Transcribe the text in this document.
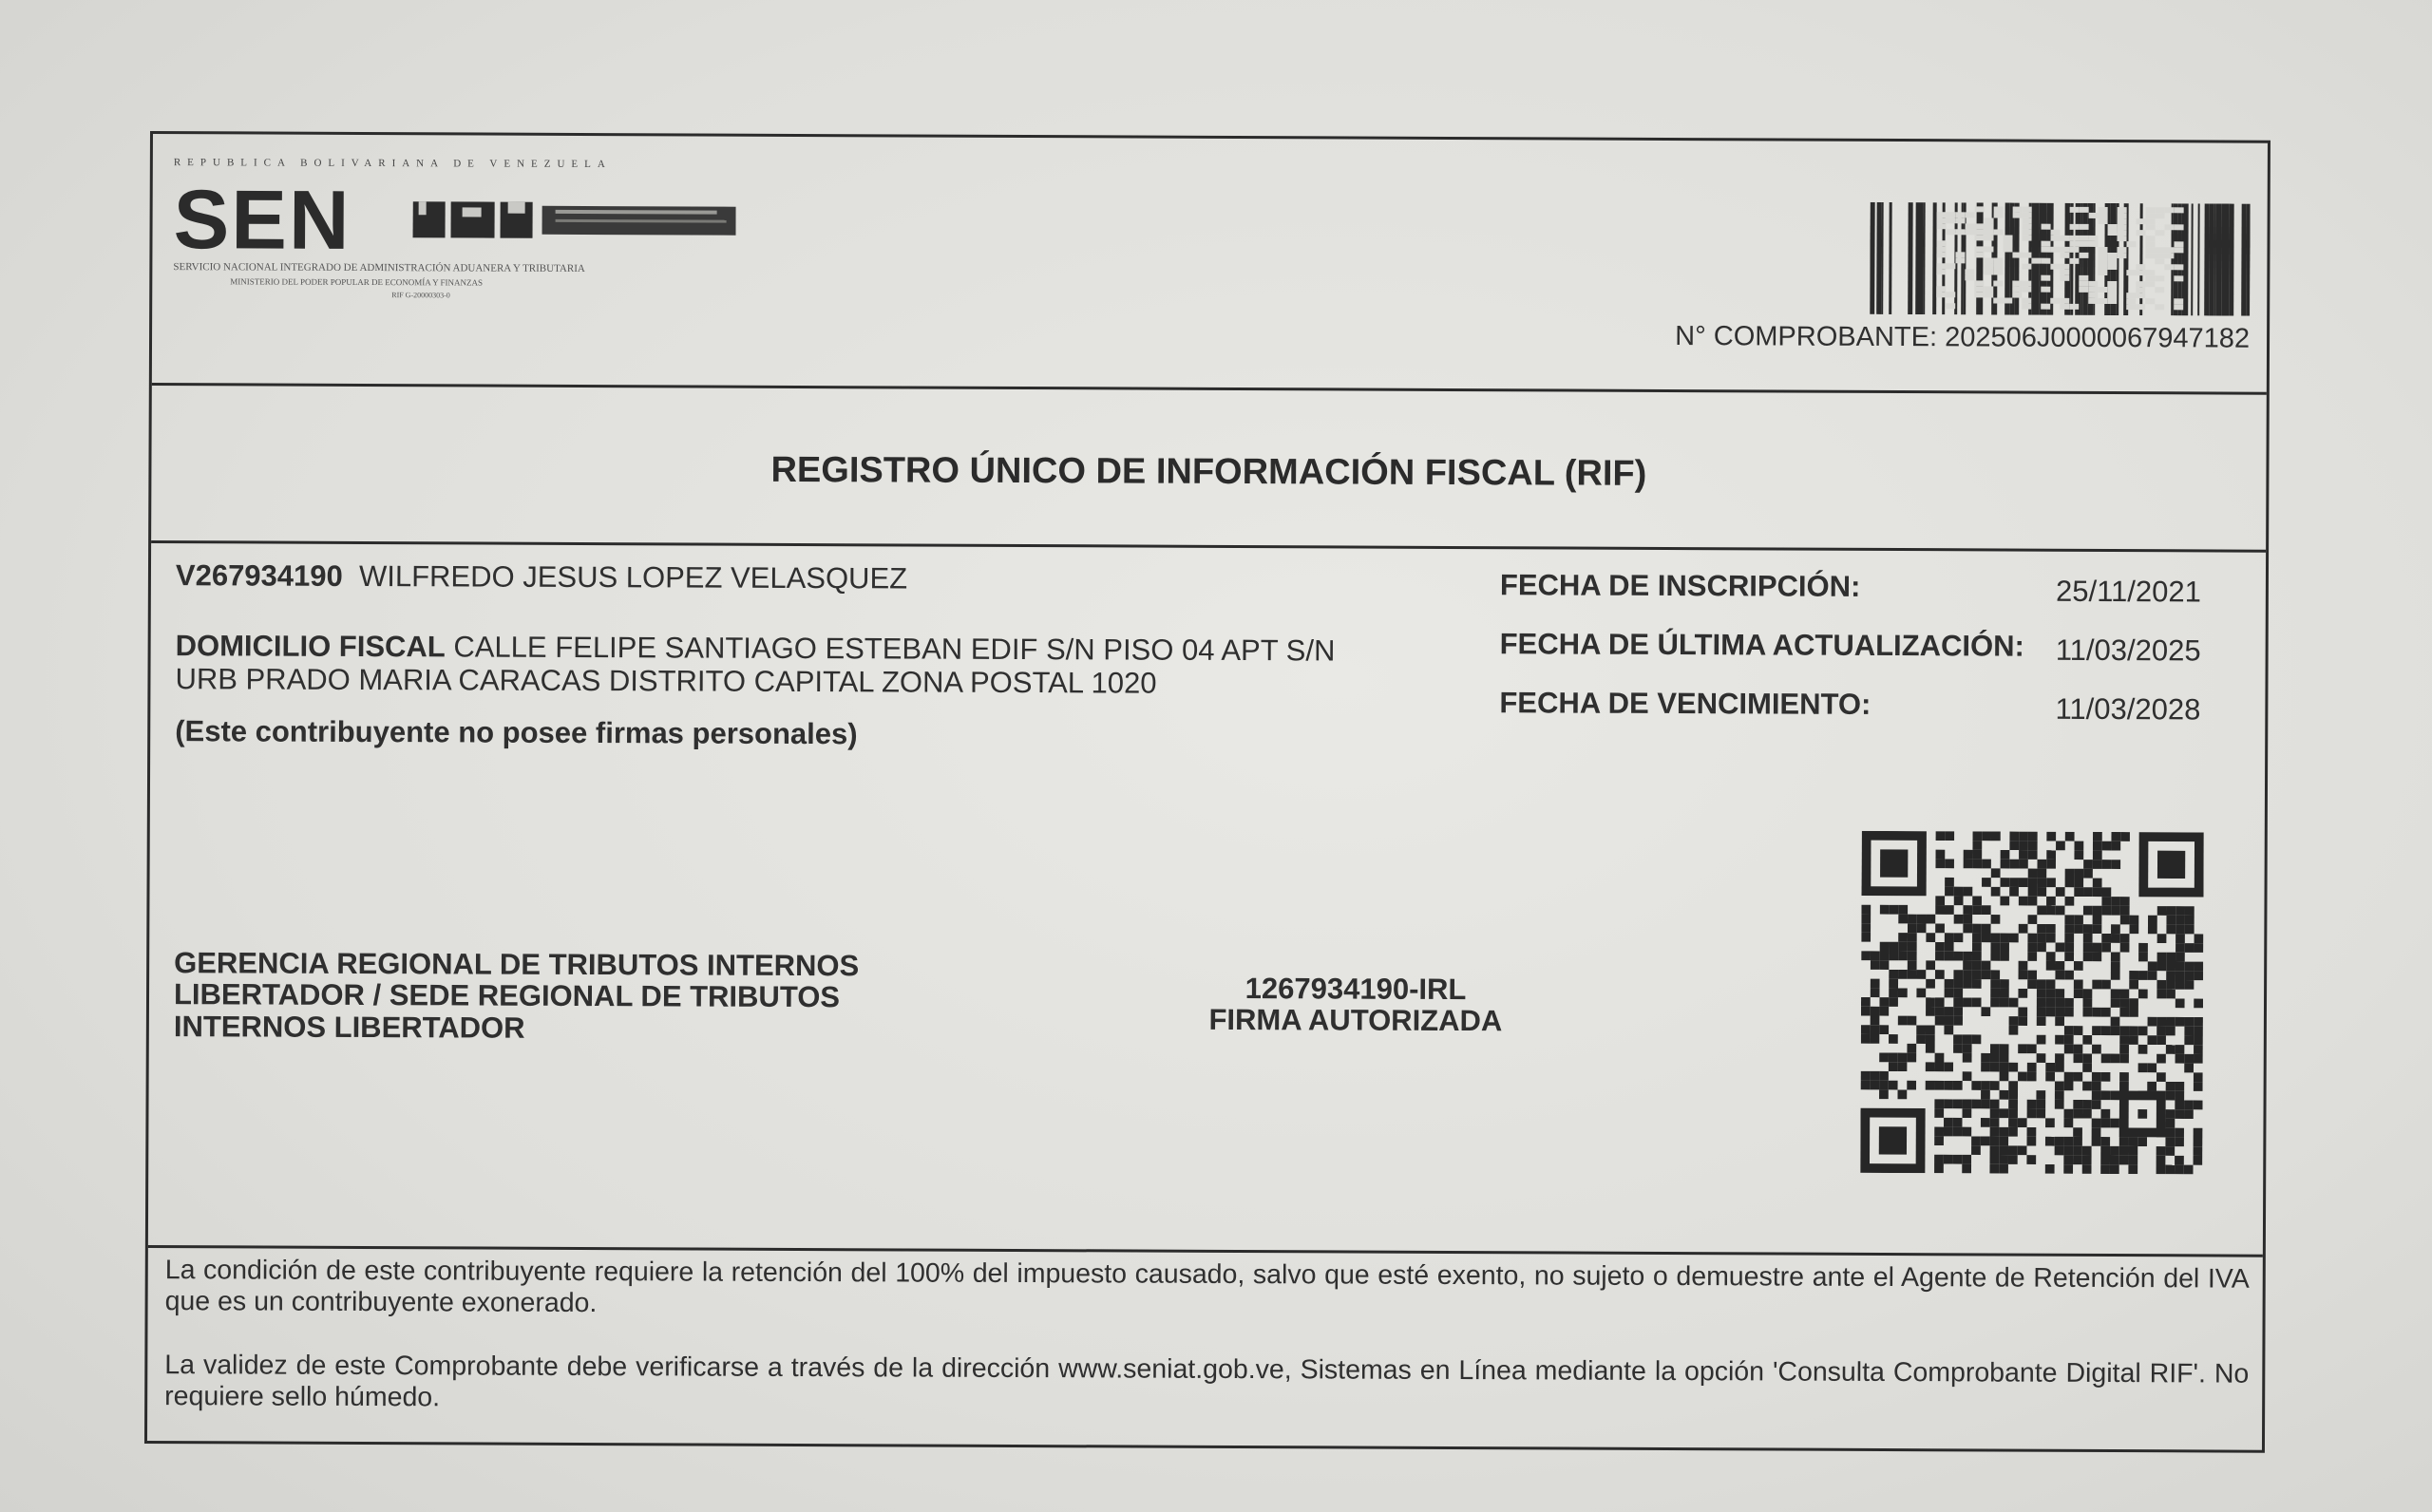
REPUBLICA BOLIVARIANA DE VENEZUELA
SEN
SERVICIO NACIONAL INTEGRADO DE ADMINISTRACIÓN ADUANERA Y TRIBUTARIA
MINISTERIO DEL PODER POPULAR DE ECONOMÍA Y FINANZAS
RIF G-20000303-0
N° COMPROBANTE: 202506J0000067947182
REGISTRO ÚNICO DE INFORMACIÓN FISCAL (RIF)
V267934190 WILFREDO JESUS LOPEZ VELASQUEZ
DOMICILIO FISCAL CALLE FELIPE SANTIAGO ESTEBAN EDIF S/N PISO 04 APT S/N
URB PRADO MARIA CARACAS DISTRITO CAPITAL ZONA POSTAL 1020
(Este contribuyente no posee firmas personales)
FECHA DE INSCRIPCIÓN:	25/11/2021
FECHA DE ÚLTIMA ACTUALIZACIÓN: 11/03/2025
FECHA DE VENCIMIENTO:	11/03/2028
GERENCIA REGIONAL DE TRIBUTOS INTERNOS
LIBERTADOR / SEDE REGIONAL DE TRIBUTOS
INTERNOS LIBERTADOR
1267934190-IRL
FIRMA AUTORIZADA
La condición de este contribuyente requiere la retención del 100% del impuesto causado, salvo que esté exento, no sujeto o demuestre ante el Agente de Retención del IVA que es un contribuyente exonerado.
La validez de este Comprobante debe verificarse a través de la dirección www.seniat.gob.ve, Sistemas en Línea mediante la opción 'Consulta Comprobante Digital RIF'. No requiere sello húmedo.
